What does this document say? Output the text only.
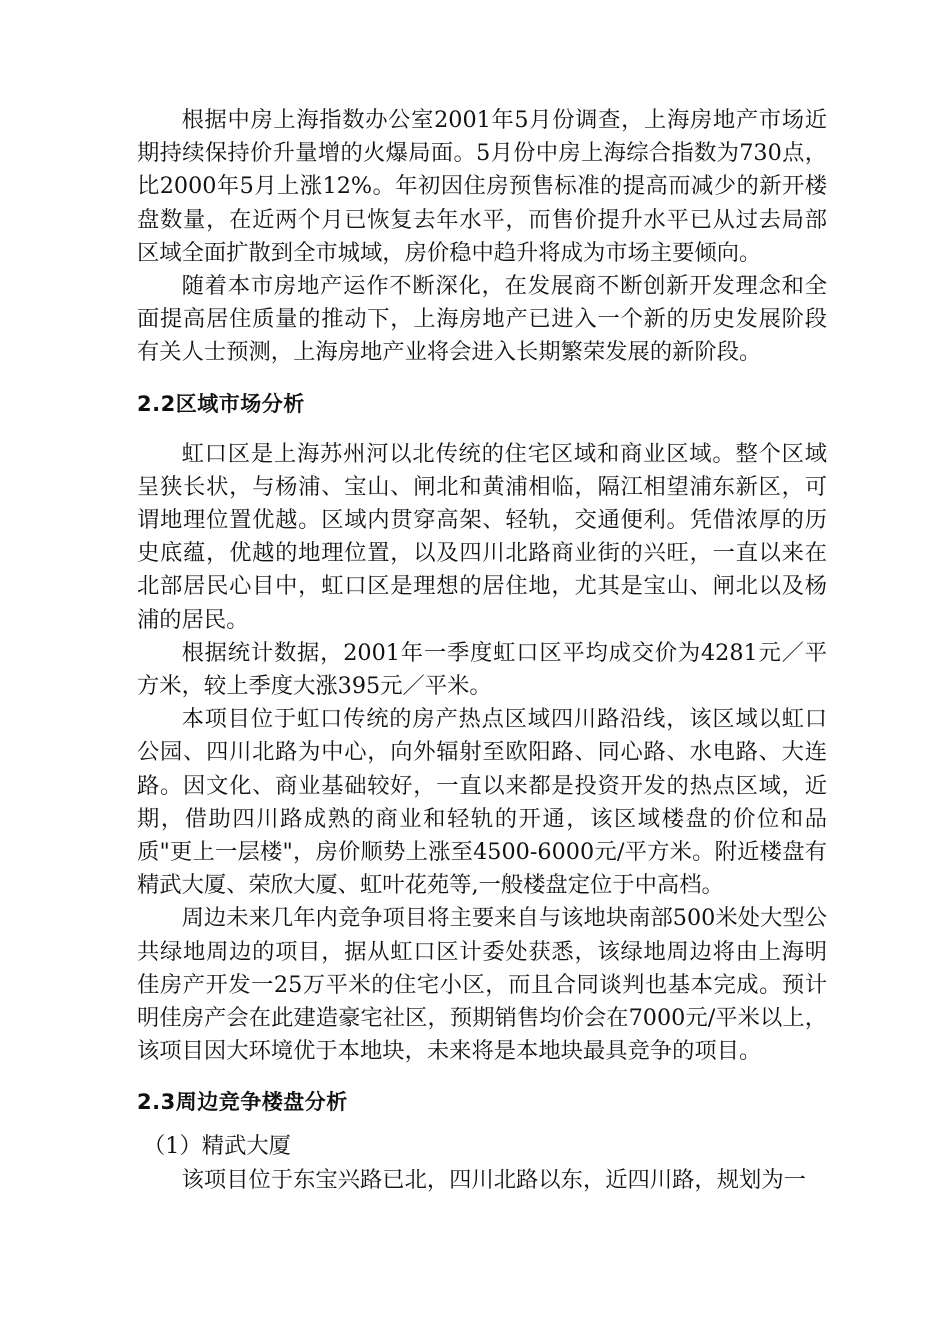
根据中房上海指数办公室2001年5月份调查，上海房地产市场近期持续保持价升量增的火爆局面。5月份中房上海综合指数为730点，比2000年5月上涨12%。年初因住房预售标准的提高而减少的新开楼盘数量，在近两个月已恢复去年水平，而售价提升水平已从过去局部区域全面扩散到全市城域，房价稳中趋升将成为市场主要倾向。

随着本市房地产运作不断深化，在发展商不断创新开发理念和全面提高居住质量的推动下，上海房地产已进入一个新的历史发展阶段有关人士预测，上海房地产业将会进入长期繁荣发展的新阶段。

2.2区域市场分析

虹口区是上海苏州河以北传统的住宅区域和商业区域。整个区域呈狭长状，与杨浦、宝山、闸北和黄浦相临，隔江相望浦东新区，可谓地理位置优越。区域内贯穿高架、轻轨，交通便利。凭借浓厚的历史底蕴，优越的地理位置，以及四川北路商业街的兴旺，一直以来在北部居民心目中，虹口区是理想的居住地，尤其是宝山、闸北以及杨浦的居民。

根据统计数据，2001年一季度虹口区平均成交价为4281元／平方米，较上季度大涨395元／平米。

本项目位于虹口传统的房产热点区域四川路沿线，该区域以虹口公园、四川北路为中心，向外辐射至欧阳路、同心路、水电路、大连路。因文化、商业基础较好，一直以来都是投资开发的热点区域，近期，借助四川路成熟的商业和轻轨的开通，该区域楼盘的价位和品质"更上一层楼"，房价顺势上涨至4500-6000元/平方米。附近楼盘有精武大厦、荣欣大厦、虹叶花苑等,一般楼盘定位于中高档。

周边未来几年内竞争项目将主要来自与该地块南部500米处大型公共绿地周边的项目，据从虹口区计委处获悉，该绿地周边将由上海明佳房产开发一25万平米的住宅小区，而且合同谈判也基本完成。预计明佳房产会在此建造豪宅社区，预期销售均价会在7000元/平米以上，该项目因大环境优于本地块，未来将是本地块最具竞争的项目。

2.3周边竞争楼盘分析

（1）精武大厦

该项目位于东宝兴路已北，四川北路以东，近四川路，规划为一
